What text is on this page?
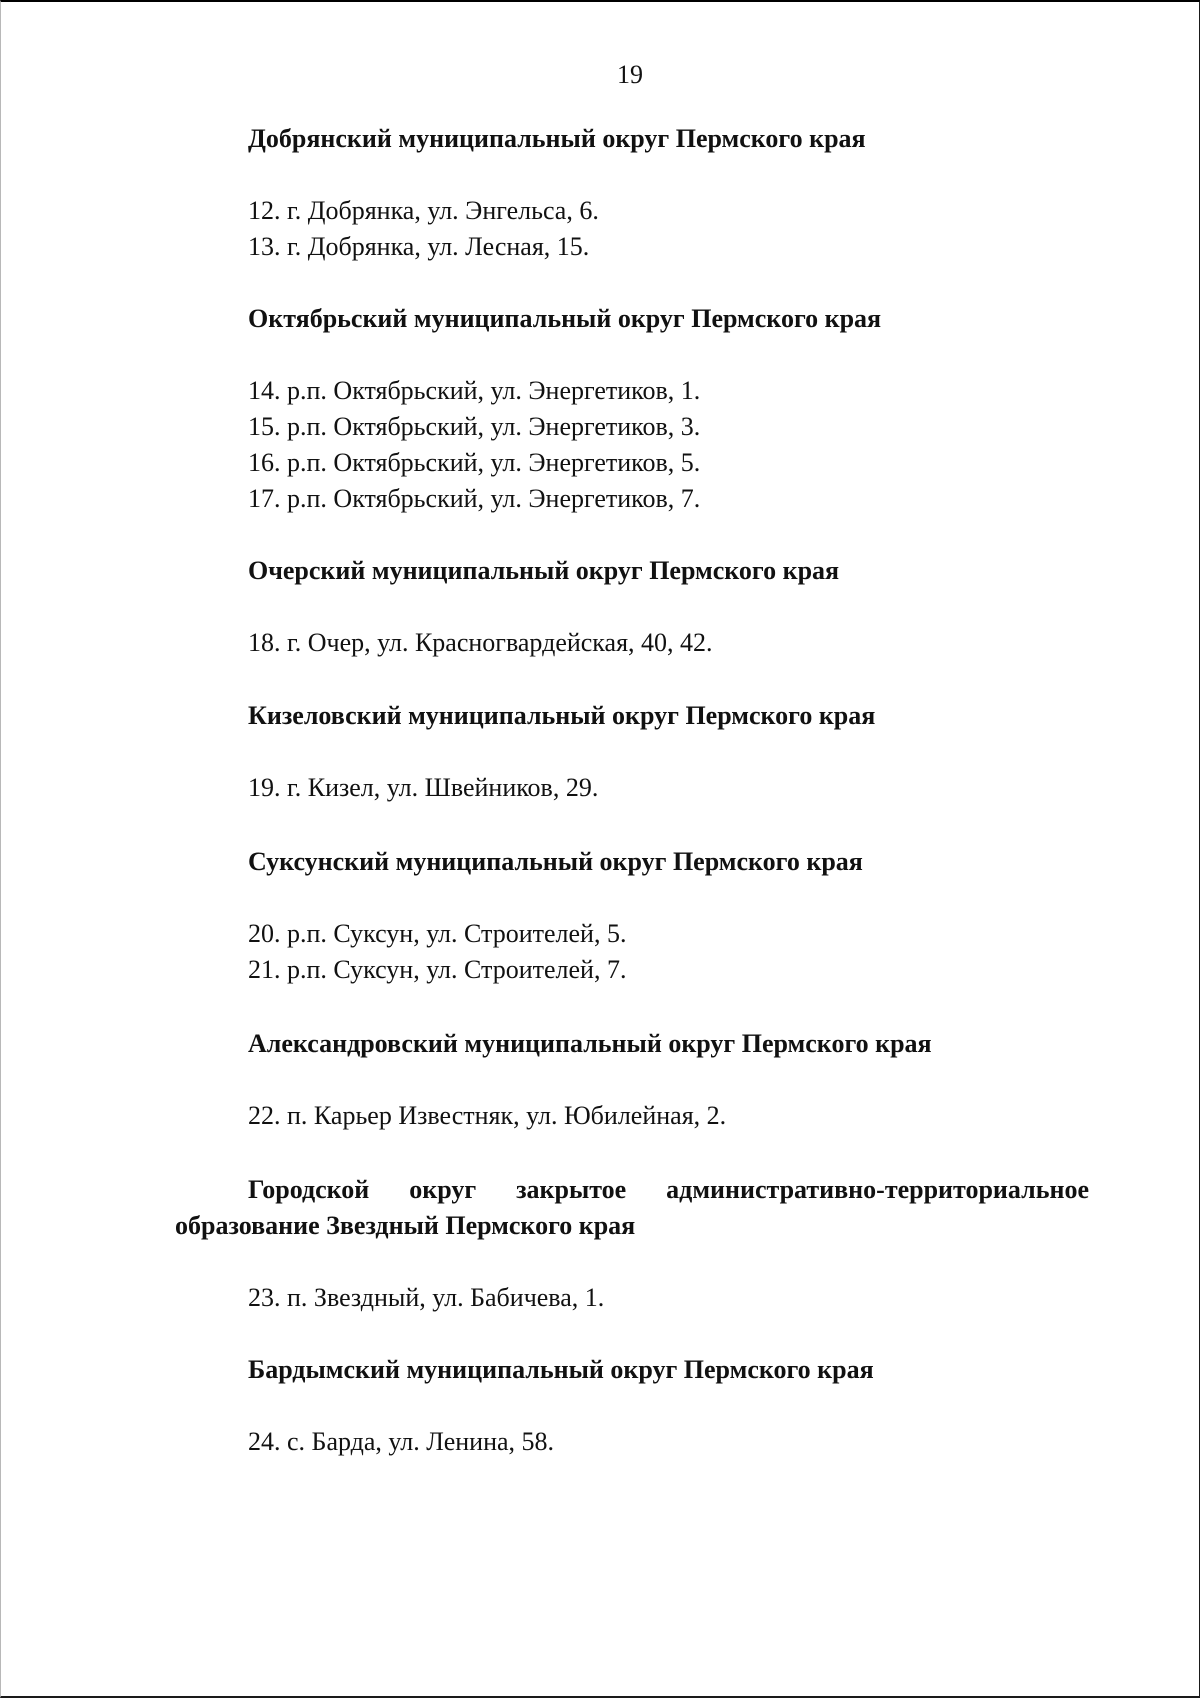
19
Добрянский муниципальный округ Пермского края
12. г. Добрянка, ул. Энгельса, 6.
13. г. Добрянка, ул. Лесная, 15.
Октябрьский муниципальный округ Пермского края
14. р.п. Октябрьский, ул. Энергетиков, 1.
15. р.п. Октябрьский, ул. Энергетиков, 3.
16. р.п. Октябрьский, ул. Энергетиков, 5.
17. р.п. Октябрьский, ул. Энергетиков, 7.
Очерский муниципальный округ Пермского края
18. г. Очер, ул. Красногвардейская, 40, 42.
Кизеловский муниципальный округ Пермского края
19. г. Кизел, ул. Швейников, 29.
Суксунский муниципальный округ Пермского края
20. р.п. Суксун, ул. Строителей, 5.
21. р.п. Суксун, ул. Строителей, 7.
Александровский муниципальный округ Пермского края
22. п. Карьер Известняк, ул. Юбилейная, 2.
Городской округ закрытое административно-территориальное
образование Звездный Пермского края
23. п. Звездный, ул. Бабичева, 1.
Бардымский муниципальный округ Пермского края
24. с. Барда, ул. Ленина, 58.
